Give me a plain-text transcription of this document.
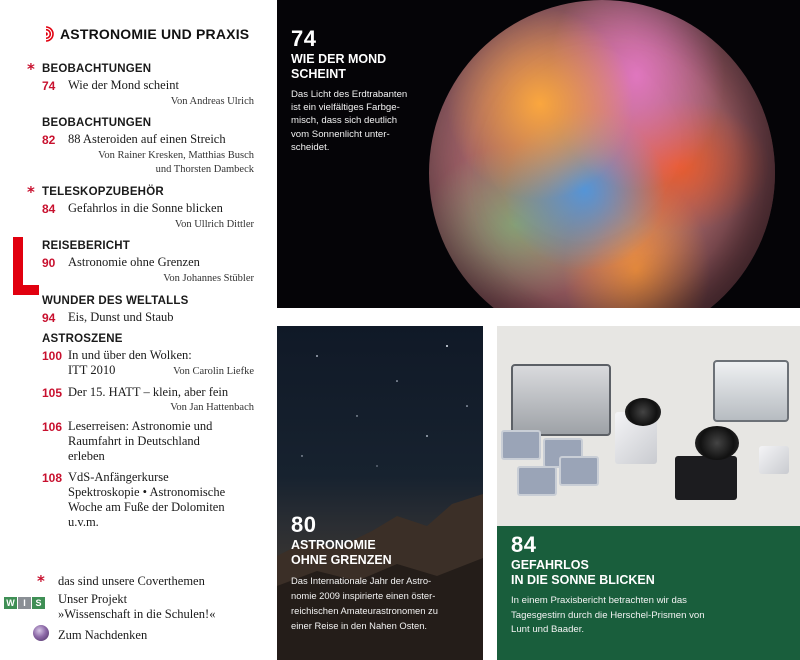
ASTRONOMIE UND PRAXIS
* BEOBACHTUNGEN
74 Wie der Mond scheint
Von Andreas Ulrich
BEOBACHTUNGEN
82 88 Asteroiden auf einen Streich
Von Rainer Kresken, Matthias Busch
und Thorsten Dambeck
* TELESKOPZUBEHÖR
84 Gefahrlos in die Sonne blicken
Von Ullrich Dittler
REISEBERICHT
90 Astronomie ohne Grenzen
Von Johannes Stübler
WUNDER DES WELTALLS
94 Eis, Dunst und Staub
ASTROSZENE
100 In und über den Wolken:
ITT 2010	Von Carolin Liefke
105 Der 15. HATT – klein, aber fein
Von Jan Hattenbach
106 Leserreisen: Astronomie und
Raumfahrt in Deutschland
erleben
108 VdS-Anfängerkurse
Spektroskopie • Astronomische
Woche am Fuße der Dolomiten
u.v.m.
* das sind unsere Coverthemen
W I	S Unser Projekt
»Wissenschaft in die Schulen!«
Zum Nachdenken
74
WIE DER MOND
SCHEINT
Das Licht des Erdtrabanten
ist ein vielfältiges Farbge-
misch, dass sich deutlich
vom Sonnenlicht unter-
scheidet.
80
ASTRONOMIE
OHNE GRENZEN
Das Internationale Jahr der Astro-
nomie 2009 inspirierte einen öster-
reichischen Amateurastronomen zu
einer Reise in den Nahen Osten.
84
GEFAHRLOS
IN DIE SONNE BLICKEN
In einem Praxisbericht betrachten wir das
Tagesgestirn durch die Herschel-Prismen von
Lunt und Baader.
